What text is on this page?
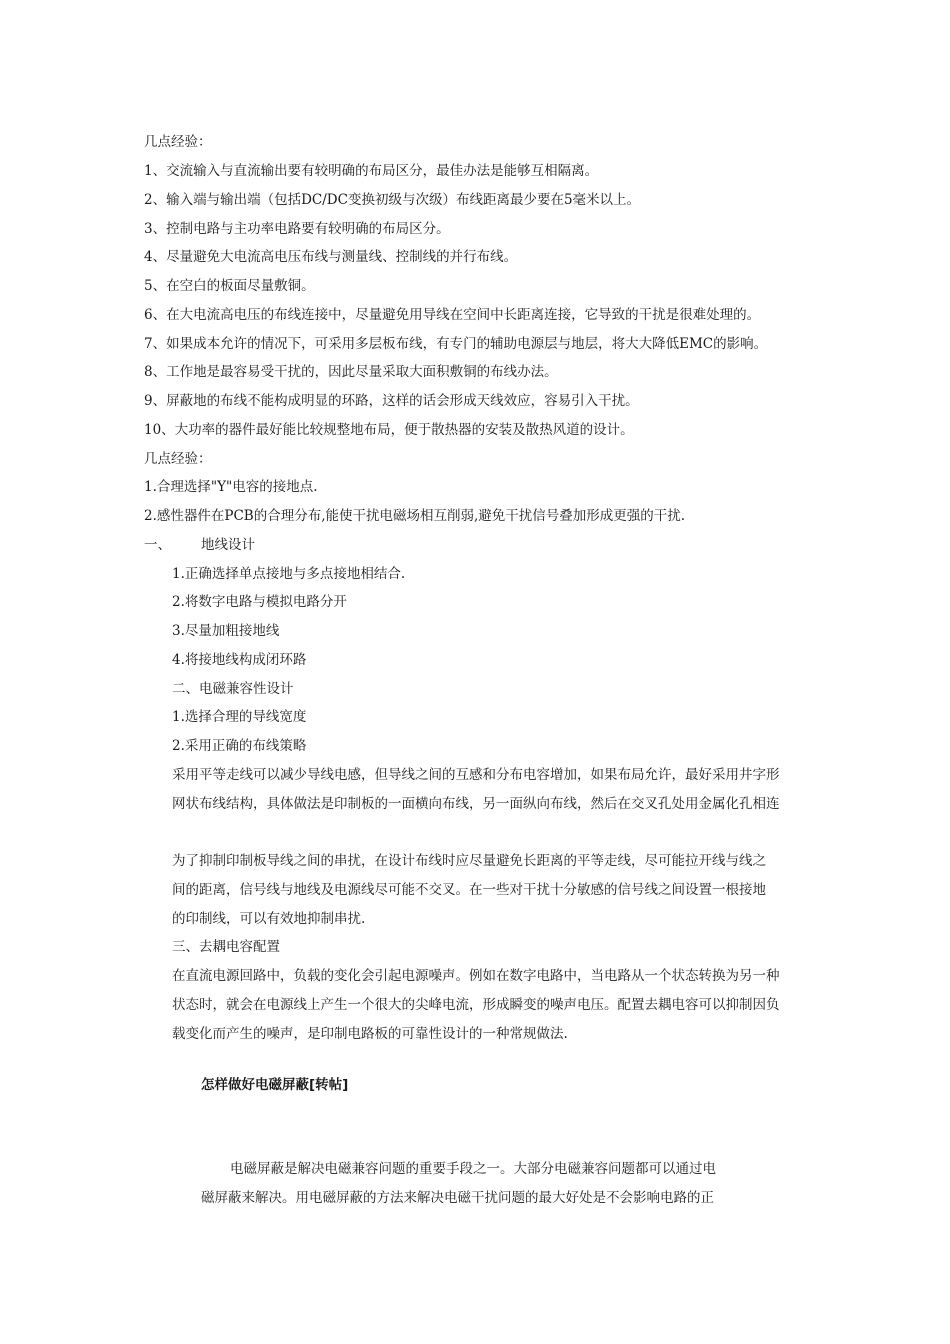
几点经验：
1、交流输入与直流输出要有较明确的布局区分，最佳办法是能够互相隔离。
2、输入端与输出端（包括DC/DC变换初级与次级）布线距离最少要在5毫米以上。
3、控制电路与主功率电路要有较明确的布局区分。
4、尽量避免大电流高电压布线与测量线、控制线的并行布线。
5、在空白的板面尽量敷铜。
6、在大电流高电压的布线连接中，尽量避免用导线在空间中长距离连接，它导致的干扰是很难处理的。
7、如果成本允许的情况下，可采用多层板布线，有专门的辅助电源层与地层，将大大降低EMC的影响。
8、工作地是最容易受干扰的，因此尽量采取大面积敷铜的布线办法。
9、屏蔽地的布线不能构成明显的环路，这样的话会形成天线效应，容易引入干扰。
10、大功率的器件最好能比较规整地布局，便于散热器的安装及散热风道的设计。
几点经验：
1.合理选择"Y"电容的接地点.
2.感性器件在PCB的合理分布,能使干扰电磁场相互削弱,避免干扰信号叠加形成更强的干扰.
一、 地线设计
1.正确选择单点接地与多点接地相结合.
2.将数字电路与模拟电路分开
3.尽量加粗接地线
4.将接地线构成闭环路
二、电磁兼容性设计
1.选择合理的导线宽度
2.采用正确的布线策略
采用平等走线可以减少导线电感，但导线之间的互感和分布电容增加，如果布局允许，最好采用井字形
网状布线结构，具体做法是印制板的一面横向布线，另一面纵向布线，然后在交叉孔处用金属化孔相连
为了抑制印制板导线之间的串扰，在设计布线时应尽量避免长距离的平等走线，尽可能拉开线与线之
间的距离，信号线与地线及电源线尽可能不交叉。在一些对干扰十分敏感的信号线之间设置一根接地
的印制线，可以有效地抑制串扰.
三、去耦电容配置
在直流电源回路中，负载的变化会引起电源噪声。例如在数字电路中，当电路从一个状态转换为另一种
状态时，就会在电源线上产生一个很大的尖峰电流，形成瞬变的噪声电压。配置去耦电容可以抑制因负
载变化而产生的噪声，是印制电路板的可靠性设计的一种常规做法.
怎样做好电磁屏蔽[转帖]
电磁屏蔽是解决电磁兼容问题的重要手段之一。大部分电磁兼容问题都可以通过电
磁屏蔽来解决。用电磁屏蔽的方法来解决电磁干扰问题的最大好处是不会影响电路的正
